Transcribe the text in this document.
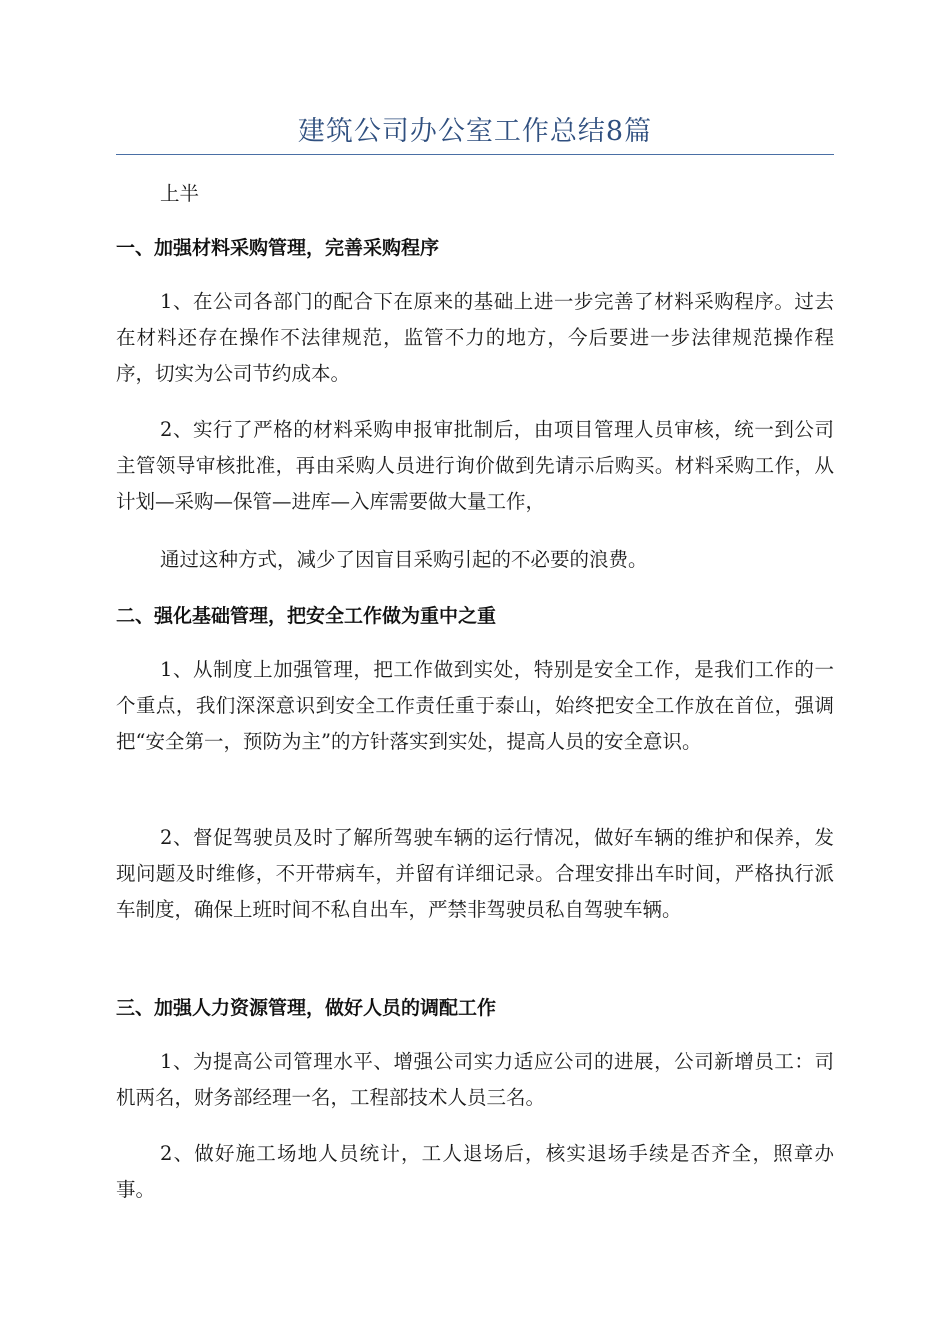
建筑公司办公室工作总结8篇
上半
一、加强材料采购管理，完善采购程序
1、在公司各部门的配合下在原来的基础上进一步完善了材料采购程序。过去在材料还存在操作不法律规范，监管不力的地方，今后要进一步法律规范操作程序，切实为公司节约成本。
2、实行了严格的材料采购申报审批制后，由项目管理人员审核，统一到公司主管领导审核批准，再由采购人员进行询价做到先请示后购买。材料采购工作，从计划—采购—保管—进库—入库需要做大量工作，
通过这种方式，减少了因盲目采购引起的不必要的浪费。
二、强化基础管理，把安全工作做为重中之重
1、从制度上加强管理，把工作做到实处，特别是安全工作，是我们工作的一个重点，我们深深意识到安全工作责任重于泰山，始终把安全工作放在首位，强调把“安全第一，预防为主”的方针落实到实处，提高人员的安全意识。
2、督促驾驶员及时了解所驾驶车辆的运行情况，做好车辆的维护和保养，发现问题及时维修，不开带病车，并留有详细记录。合理安排出车时间，严格执行派车制度，确保上班时间不私自出车，严禁非驾驶员私自驾驶车辆。
三、加强人力资源管理，做好人员的调配工作
1、为提高公司管理水平、增强公司实力适应公司的进展，公司新增员工：司机两名，财务部经理一名，工程部技术人员三名。
2、做好施工场地人员统计，工人退场后，核实退场手续是否齐全，照章办事。
